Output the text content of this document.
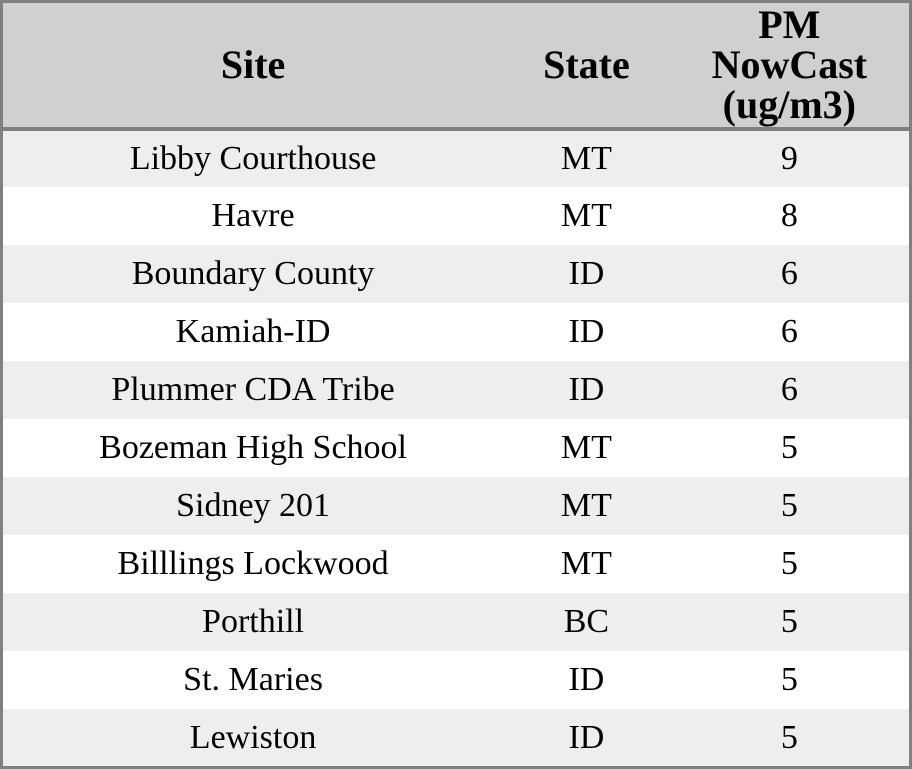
Site	State	PM
NowCast
(ug/m3)

Libby Courthouse	MT	9
Havre	MT	8
Boundary County	ID	6
Kamiah-ID	ID	6
Plummer CDA Tribe	ID	6
Bozeman High School	MT	5
Sidney 201	MT	5
Billlings Lockwood	MT	5
Porthill	BC	5
St. Maries	ID	5
Lewiston	ID	5
